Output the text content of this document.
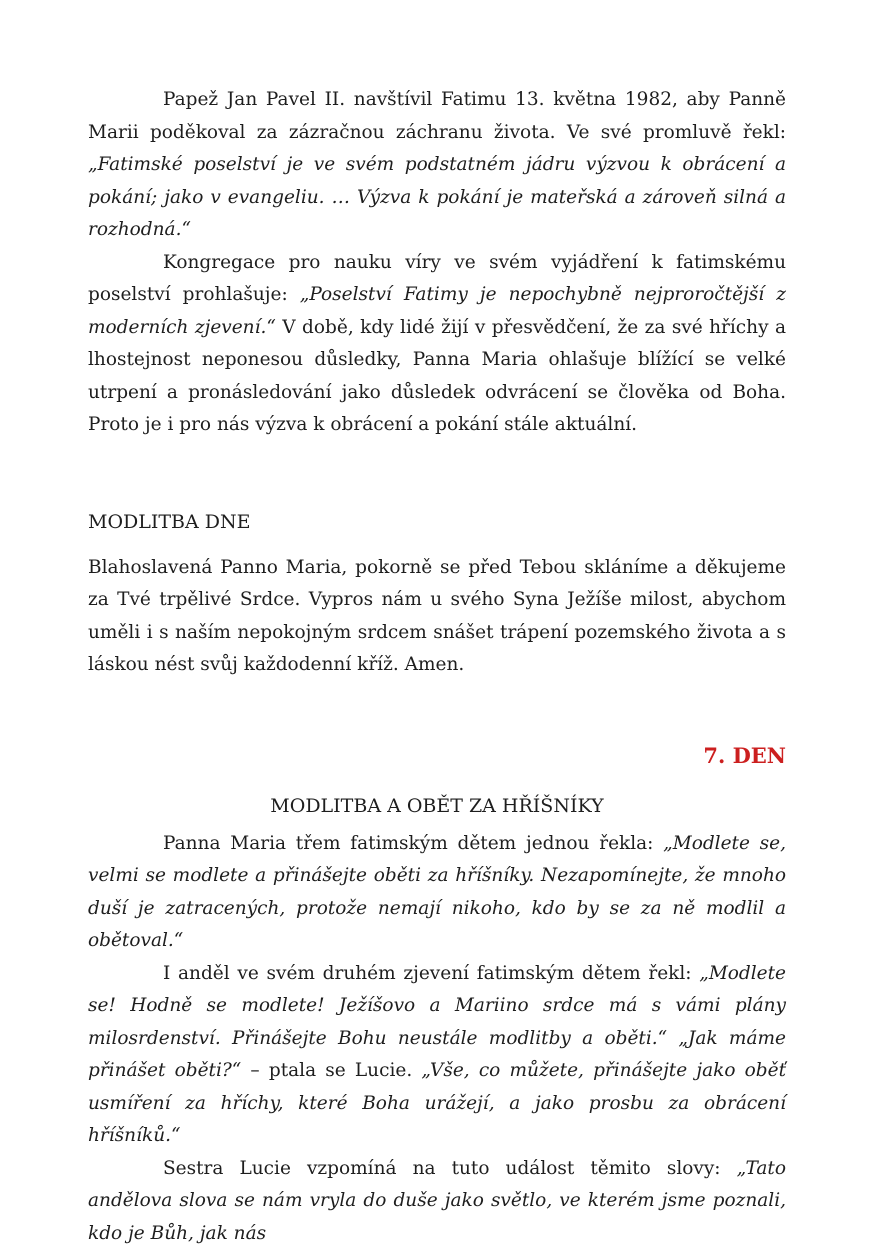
Papež Jan Pavel II. navštívil Fatimu 13. května 1982, aby Panně Marii poděkoval za zázračnou záchranu života. Ve své promluvě řekl: „Fatimské poselství je ve svém podstatném jádru výzvou k obrácení a pokání; jako v evangeliu. … Výzva k pokání je mateřská a zároveň silná a rozhodná.“

Kongregace pro nauku víry ve svém vyjádření k fatimskému poselství prohlašuje: „Poselství Fatimy je nepochybně nejproročtější z moderních zjevení.“ V době, kdy lidé žijí v přesvědčení, že za své hříchy a lhostejnost neponesou důsledky, Panna Maria ohlašuje blížící se velké utrpení a pronásledování jako důsledek odvrácení se člověka od Boha. Proto je i pro nás výzva k obrácení a pokání stále aktuální.

MODLITBA DNE

Blahoslavená Panno Maria, pokorně se před Tebou skláníme a děkujeme za Tvé trpělivé Srdce. Vypros nám u svého Syna Ježíše milost, abychom uměli i s naším nepokojným srdcem snášet trápení pozemského života a s láskou nést svůj každodenní kříž. Amen.

7. DEN
MODLITBA A OBĚT ZA HŘÍŠNÍKY

Panna Maria třem fatimským dětem jednou řekla: „Modlete se, velmi se modlete a přinášejte oběti za hříšníky. Nezapomínejte, že mnoho duší je zatracených, protože nemají nikoho, kdo by se za ně modlil a obětoval.“

I anděl ve svém druhém zjevení fatimským dětem řekl: „Modlete se! Hodně se modlete! Ježíšovo a Mariino srdce má s vámi plány milosrdenství. Přinášejte Bohu neustále modlitby a oběti.“ „Jak máme přinášet oběti?“ – ptala se Lucie. „Vše, co můžete, přinášejte jako oběť usmíření za hříchy, které Boha urážejí, a jako prosbu za obrácení hříšníků.“

Sestra Lucie vzpomíná na tuto událost těmito slovy: „Tato andělova slova se nám vryla do duše jako světlo, ve kterém jsme poznali, kdo je Bůh, jak nás
